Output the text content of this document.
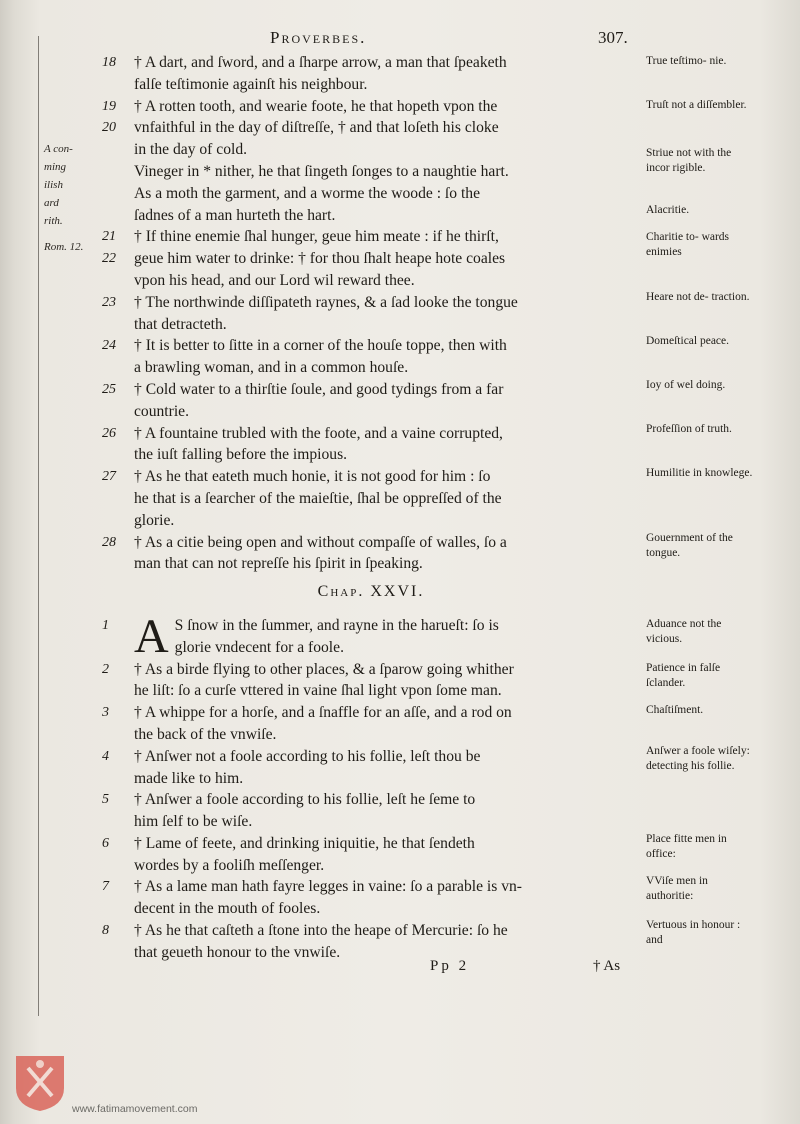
Proverbes.	307.
A con-
ming
ilish
ard
rith.
Rom. 12.
18	† A dart, and ſword, and a ſharpe arrow, a man that ſpeaketh
falſe teſtimonie againſt his neighbour.
19	† A rotten tooth, and wearie foote, he that hopeth vpon the
20	vnfaithful in the day of diſtreſſe, † and that loſeth his cloke
in the day of cold.
Vineger in * nither, he that ſingeth ſonges to a naughtie hart.
As a moth the garment, and a worme the woode : ſo the
ſadnes of a man hurteth the hart.
21	† If thine enemie ſhal hunger, geue him meate : if he thirſt,
22	geue him water to drinke: † for thou ſhalt heape hote coales
vpon his head, and our Lord wil reward thee.
23	† The northwinde diſſipateth raynes, & a ſad looke the tongue
that detracteth.
24	† It is better to ſitte in a corner of the houſe toppe, then with
a brawling woman, and in a common houſe.
25	† Cold water to a thirſtie ſoule, and good tydings from a far
countrie.
26	† A fountaine trubled with the foote, and a vaine corrupted,
the iuſt falling before the impious.
27	† As he that eateth much honie, it is not good for him : ſo
he that is a ſearcher of the maieſtie, ſhal be oppreſſed of the
glorie.
28	† As a citie being open and without compaſſe of walles, ſo a
man that can not repreſſe his ſpirit in ſpeaking.
Chap. XXVI.
1 A S ſnow in the ſummer, and rayne in the harueſt: ſo is
glorie vndecent for a foole.
2	† As a birde flying to other places, & a ſparow going whither
he liſt: ſo a curſe vttered in vaine ſhal light vpon ſome man.
3	† A whippe for a horſe, and a ſnaffle for an aſſe, and a rod on
the back of the vnwiſe.
4	† Anſwer not a foole according to his follie, leſt thou be
made like to him.
5	† Anſwer a foole according to his follie, leſt he ſeme to
him ſelf to be wiſe.
6	† Lame of feete, and drinking iniquitie, he that ſendeth
wordes by a fooliſh meſſenger.
7	† As a lame man hath fayre legges in vaine: ſo a parable is vn-
decent in the mouth of fooles.
8	† As he that caſteth a ſtone into the heape of Mercurie: ſo he
that geueth honour to the vnwiſe.
True teſtimo- nie.
Truſt not a diſſembler.
Striue not with the incor rigible.
Alacritie.
Charitie to- wards enimies
Heare not de- traction.
Domeſtical peace.
Ioy of wel doing.
Profeſſion of truth.
Humilitie in knowlege.
Gouernment of the tongue.
Aduance not the vicious.
Patience in falſe ſclander.
Chaſtiſment.
Anſwer a foole wiſely: detecting his follie.
Place fitte men in office:
VViſe men in authoritie:
Vertuous in honour : and
Pp 2	† As
www.fatimamovement.com
